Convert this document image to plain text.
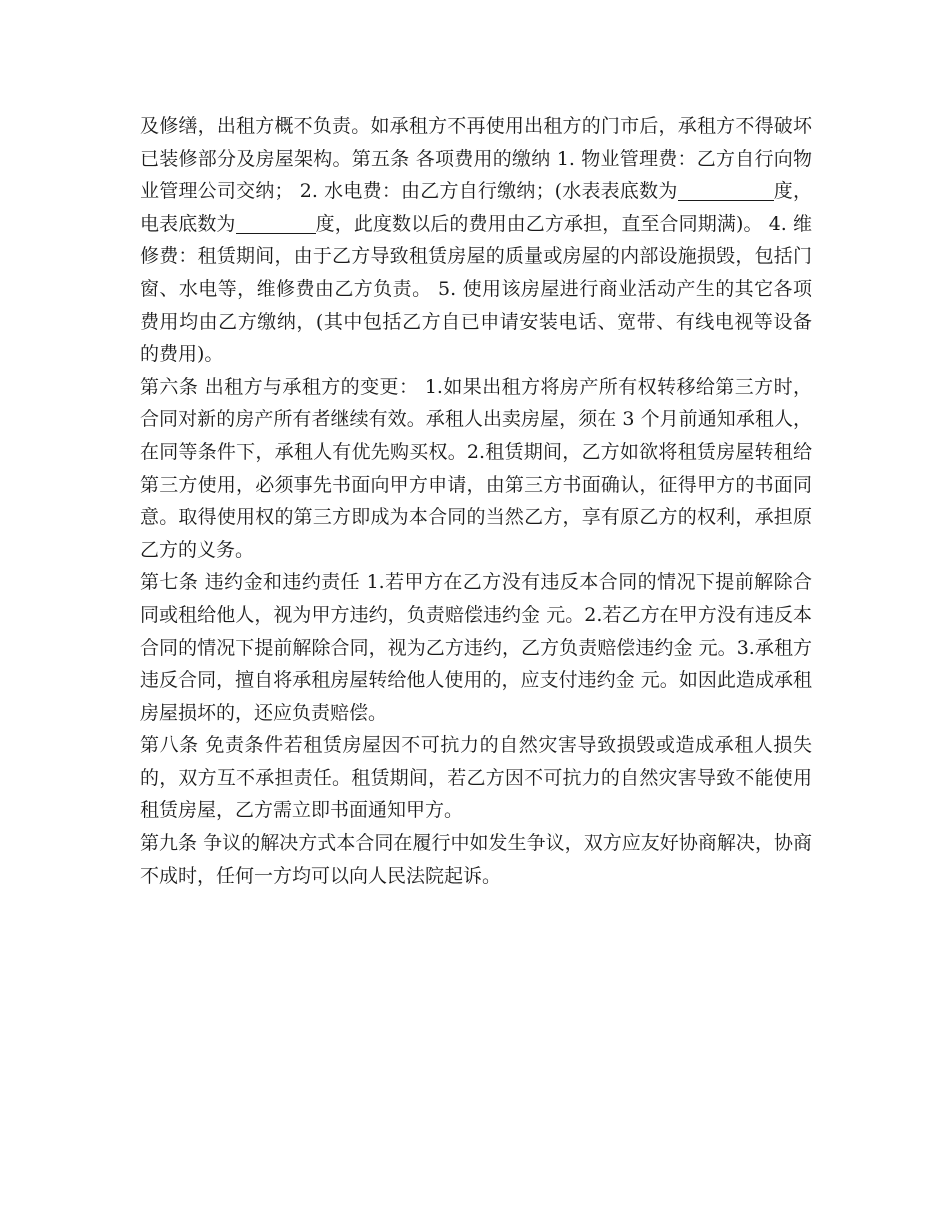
及修缮，出租方概不负责。如承租方不再使用出租方的门市后，承租方不得破坏已装修部分及房屋架构。第五条 各项费用的缴纳 1. 物业管理费：乙方自行向物业管理公司交纳； 2. 水电费：由乙方自行缴纳；(水表表底数为	度，电表底数为	度，此度数以后的费用由乙方承担，直至合同期满)。 4. 维修费：租赁期间，由于乙方导致租赁房屋的质量或房屋的内部设施损毁，包括门窗、水电等，维修费由乙方负责。 5. 使用该房屋进行商业活动产生的其它各项费用均由乙方缴纳，(其中包括乙方自已申请安装电话、宽带、有线电视等设备的费用)。

第六条 出租方与承租方的变更： 1.如果出租方将房产所有权转移给第三方时，合同对新的房产所有者继续有效。承租人出卖房屋，须在 3 个月前通知承租人，在同等条件下，承租人有优先购买权。2.租赁期间，乙方如欲将租赁房屋转租给第三方使用，必须事先书面向甲方申请，由第三方书面确认，征得甲方的书面同意。取得使用权的第三方即成为本合同的当然乙方，享有原乙方的权利，承担原乙方的义务。

第七条 违约金和违约责任 1.若甲方在乙方没有违反本合同的情况下提前解除合同或租给他人，视为甲方违约，负责赔偿违约金 元。2.若乙方在甲方没有违反本合同的情况下提前解除合同，视为乙方违约，乙方负责赔偿违约金 元。3.承租方违反合同，擅自将承租房屋转给他人使用的，应支付违约金 元。如因此造成承租房屋损坏的，还应负责赔偿。

第八条 免责条件若租赁房屋因不可抗力的自然灾害导致损毁或造成承租人损失的，双方互不承担责任。租赁期间，若乙方因不可抗力的自然灾害导致不能使用租赁房屋，乙方需立即书面通知甲方。

第九条 争议的解决方式本合同在履行中如发生争议，双方应友好协商解决，协商不成时，任何一方均可以向人民法院起诉。
